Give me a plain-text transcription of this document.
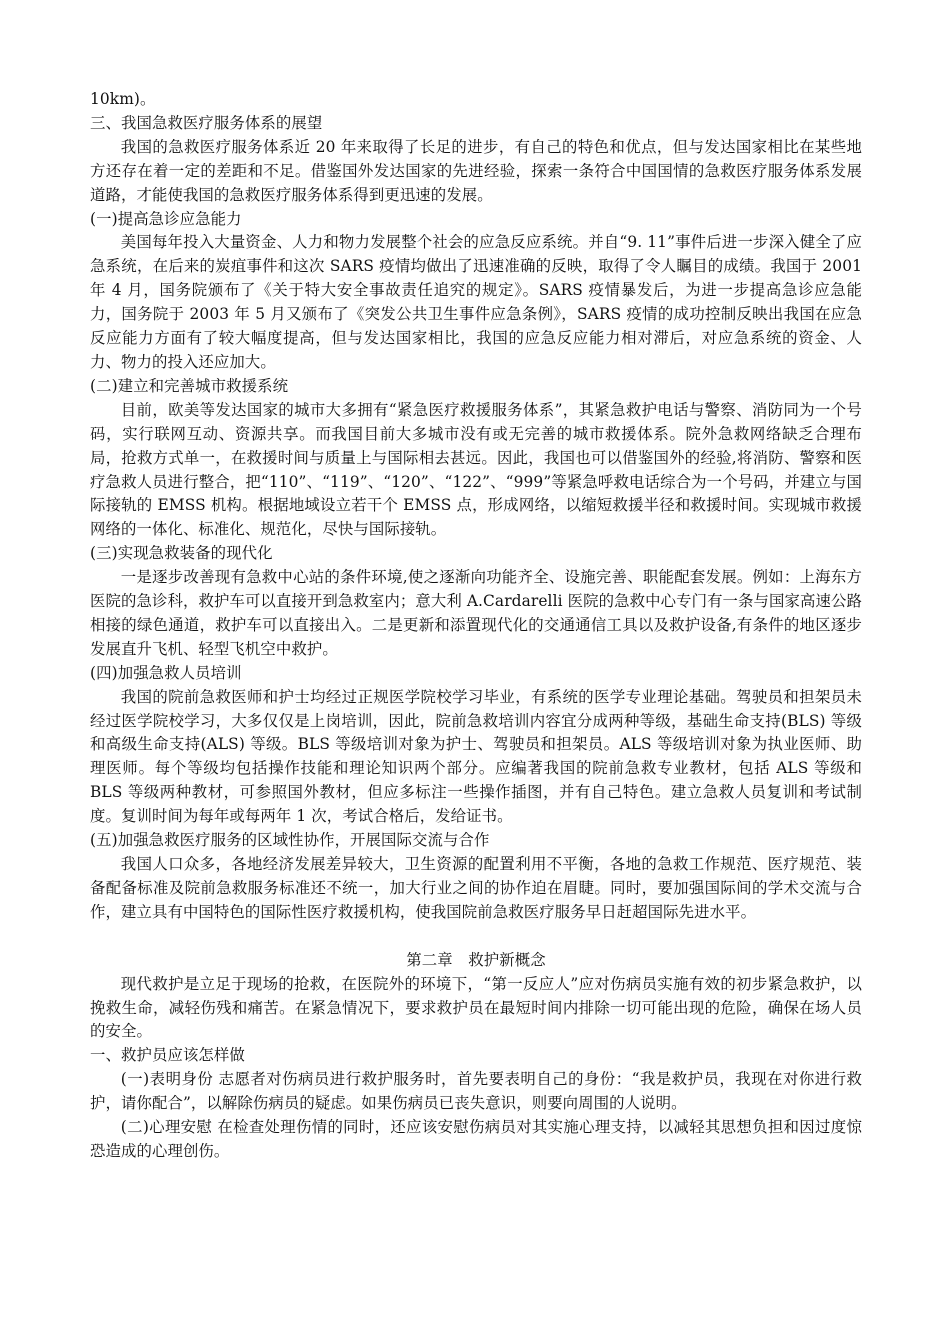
10km)。

三、我国急救医疗服务体系的展望

我国的急救医疗服务体系近 20 年来取得了长足的进步，有自己的特色和优点，但与发达国家相比在某些地方还存在着一定的差距和不足。借鉴国外发达国家的先进经验，探索一条符合中国国情的急救医疗服务体系发展道路，才能使我国的急救医疗服务体系得到更迅速的发展。

(一)提高急诊应急能力

美国每年投入大量资金、人力和物力发展整个社会的应急反应系统。并自“9. 11”事件后进一步深入健全了应急系统，在后来的炭疽事件和这次 SARS 疫情均做出了迅速准确的反映，取得了令人瞩目的成绩。我国于 2001 年 4 月，国务院颁布了《关于特大安全事故责任追究的规定》。SARS 疫情暴发后，为进一步提高急诊应急能力，国务院于 2003 年 5 月又颁布了《突发公共卫生事件应急条例》，SARS 疫情的成功控制反映出我国在应急反应能力方面有了较大幅度提高，但与发达国家相比，我国的应急反应能力相对滞后，对应急系统的资金、人力、物力的投入还应加大。

(二)建立和完善城市救援系统

目前，欧美等发达国家的城市大多拥有“紧急医疗救援服务体系”，其紧急救护电话与警察、消防同为一个号码，实行联网互动、资源共享。而我国目前大多城市没有或无完善的城市救援体系。院外急救网络缺乏合理布局，抢救方式单一，在救援时间与质量上与国际相去甚远。因此，我国也可以借鉴国外的经验,将消防、警察和医疗急救人员进行整合，把“110”、“119”、“120”、“122”、“999”等紧急呼救电话综合为一个号码，并建立与国际接轨的 EMSS 机构。根据地域设立若干个 EMSS 点，形成网络，以缩短救援半径和救援时间。实现城市救援网络的一体化、标准化、规范化，尽快与国际接轨。

(三)实现急救装备的现代化

一是逐步改善现有急救中心站的条件环境,使之逐渐向功能齐全、设施完善、职能配套发展。例如：上海东方医院的急诊科，救护车可以直接开到急救室内；意大利 A.Cardarelli 医院的急救中心专门有一条与国家高速公路相接的绿色通道，救护车可以直接出入。二是更新和添置现代化的交通通信工具以及救护设备,有条件的地区逐步发展直升飞机、轻型飞机空中救护。

(四)加强急救人员培训

我国的院前急救医师和护士均经过正规医学院校学习毕业，有系统的医学专业理论基础。驾驶员和担架员未经过医学院校学习，大多仅仅是上岗培训，因此，院前急救培训内容宜分成两种等级，基础生命支持(BLS) 等级和高级生命支持(ALS) 等级。BLS 等级培训对象为护士、驾驶员和担架员。ALS 等级培训对象为执业医师、助理医师。每个等级均包括操作技能和理论知识两个部分。应编著我国的院前急救专业教材，包括 ALS 等级和 BLS 等级两种教材，可参照国外教材，但应多标注一些操作插图，并有自己特色。建立急救人员复训和考试制度。复训时间为每年或每两年 1 次，考试合格后，发给证书。

(五)加强急救医疗服务的区域性协作，开展国际交流与合作

我国人口众多，各地经济发展差异较大，卫生资源的配置利用不平衡，各地的急救工作规范、医疗规范、装备配备标准及院前急救服务标准还不统一，加大行业之间的协作迫在眉睫。同时，要加强国际间的学术交流与合作，建立具有中国特色的国际性医疗救援机构，使我国院前急救医疗服务早日赶超国际先进水平。

第二章　救护新概念

现代救护是立足于现场的抢救，在医院外的环境下，“第一反应人”应对伤病员实施有效的初步紧急救护，以挽救生命，减轻伤残和痛苦。在紧急情况下，要求救护员在最短时间内排除一切可能出现的危险，确保在场人员的安全。

一、救护员应该怎样做

(一)表明身份 志愿者对伤病员进行救护服务时，首先要表明自己的身份：“我是救护员，我现在对你进行救护，请你配合”，以解除伤病员的疑虑。如果伤病员已丧失意识，则要向周围的人说明。

(二)心理安慰 在检查处理伤情的同时，还应该安慰伤病员对其实施心理支持，以减轻其思想负担和因过度惊恐造成的心理创伤。
